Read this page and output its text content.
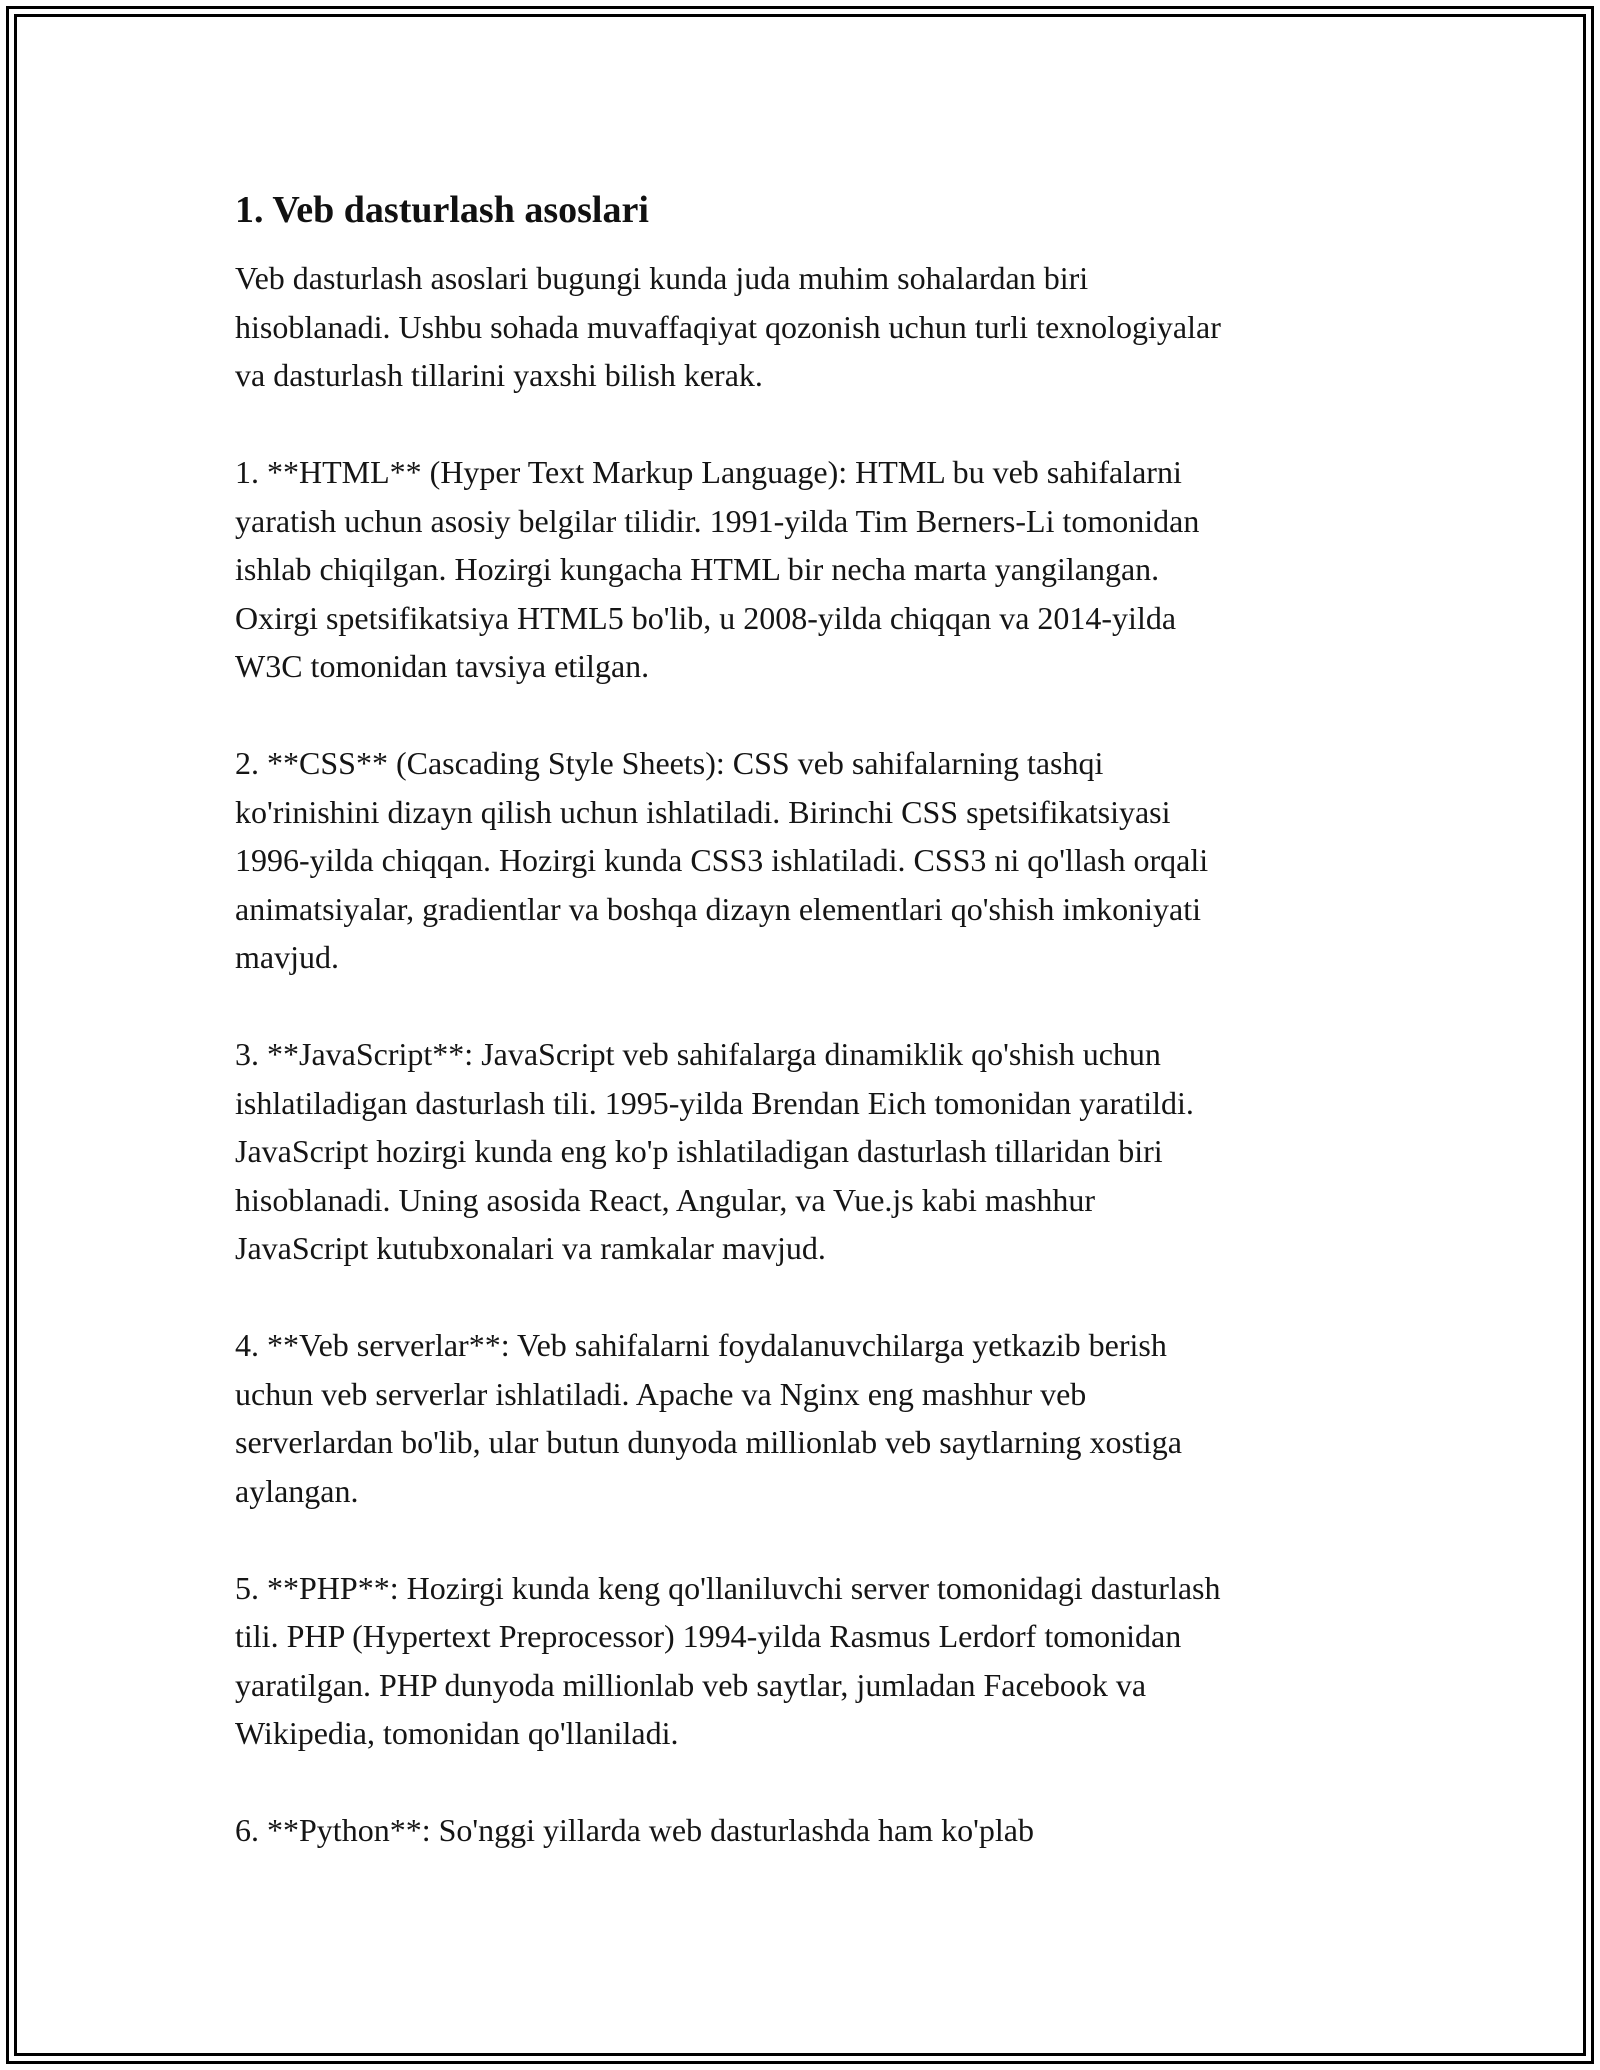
1. Veb dasturlash asoslari

Veb dasturlash asoslari bugungi kunda juda muhim sohalardan biri
hisoblanadi. Ushbu sohada muvaffaqiyat qozonish uchun turli texnologiyalar
va dasturlash tillarini yaxshi bilish kerak.

1. **HTML** (Hyper Text Markup Language): HTML bu veb sahifalarni
yaratish uchun asosiy belgilar tilidir. 1991-yilda Tim Berners-Li tomonidan
ishlab chiqilgan. Hozirgi kungacha HTML bir necha marta yangilangan.
Oxirgi spetsifikatsiya HTML5 bo'lib, u 2008-yilda chiqqan va 2014-yilda
W3C tomonidan tavsiya etilgan.

2. **CSS** (Cascading Style Sheets): CSS veb sahifalarning tashqi
ko'rinishini dizayn qilish uchun ishlatiladi. Birinchi CSS spetsifikatsiyasi
1996-yilda chiqqan. Hozirgi kunda CSS3 ishlatiladi. CSS3 ni qo'llash orqali
animatsiyalar, gradientlar va boshqa dizayn elementlari qo'shish imkoniyati
mavjud.

3. **JavaScript**: JavaScript veb sahifalarga dinamiklik qo'shish uchun
ishlatiladigan dasturlash tili. 1995-yilda Brendan Eich tomonidan yaratildi.
JavaScript hozirgi kunda eng ko'p ishlatiladigan dasturlash tillaridan biri
hisoblanadi. Uning asosida React, Angular, va Vue.js kabi mashhur
JavaScript kutubxonalari va ramkalar mavjud.

4. **Veb serverlar**: Veb sahifalarni foydalanuvchilarga yetkazib berish
uchun veb serverlar ishlatiladi. Apache va Nginx eng mashhur veb
serverlardan bo'lib, ular butun dunyoda millionlab veb saytlarning xostiga
aylangan.

5. **PHP**: Hozirgi kunda keng qo'llaniluvchi server tomonidagi dasturlash
tili. PHP (Hypertext Preprocessor) 1994-yilda Rasmus Lerdorf tomonidan
yaratilgan. PHP dunyoda millionlab veb saytlar, jumladan Facebook va
Wikipedia, tomonidan qo'llaniladi.

6. **Python**: So'nggi yillarda web dasturlashda ham ko'plab
